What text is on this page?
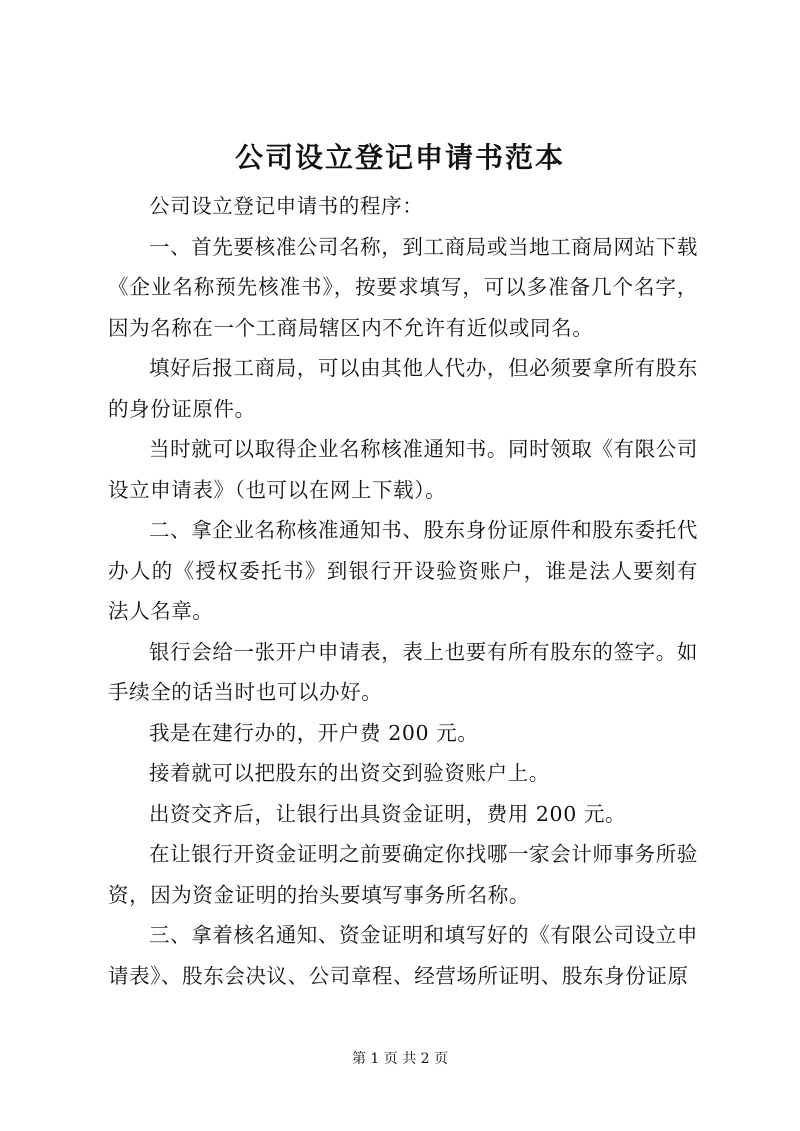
公司设立登记申请书范本

公司设立登记申请书的程序：

一、首先要核准公司名称，到工商局或当地工商局网站下载《企业名称预先核准书》，按要求填写，可以多准备几个名字，因为名称在一个工商局辖区内不允许有近似或同名。

填好后报工商局，可以由其他人代办，但必须要拿所有股东的身份证原件。

当时就可以取得企业名称核准通知书。同时领取《有限公司设立申请表》（也可以在网上下载）。

二、拿企业名称核准通知书、股东身份证原件和股东委托代办人的《授权委托书》到银行开设验资账户，谁是法人要刻有法人名章。

银行会给一张开户申请表，表上也要有所有股东的签字。如手续全的话当时也可以办好。

我是在建行办的，开户费 200 元。

接着就可以把股东的出资交到验资账户上。

出资交齐后，让银行出具资金证明，费用 200 元。

在让银行开资金证明之前要确定你找哪一家会计师事务所验资，因为资金证明的抬头要填写事务所名称。

三、拿着核名通知、资金证明和填写好的《有限公司设立申请表》、股东会决议、公司章程、经营场所证明、股东身份证原

第 1 页 共 2 页
